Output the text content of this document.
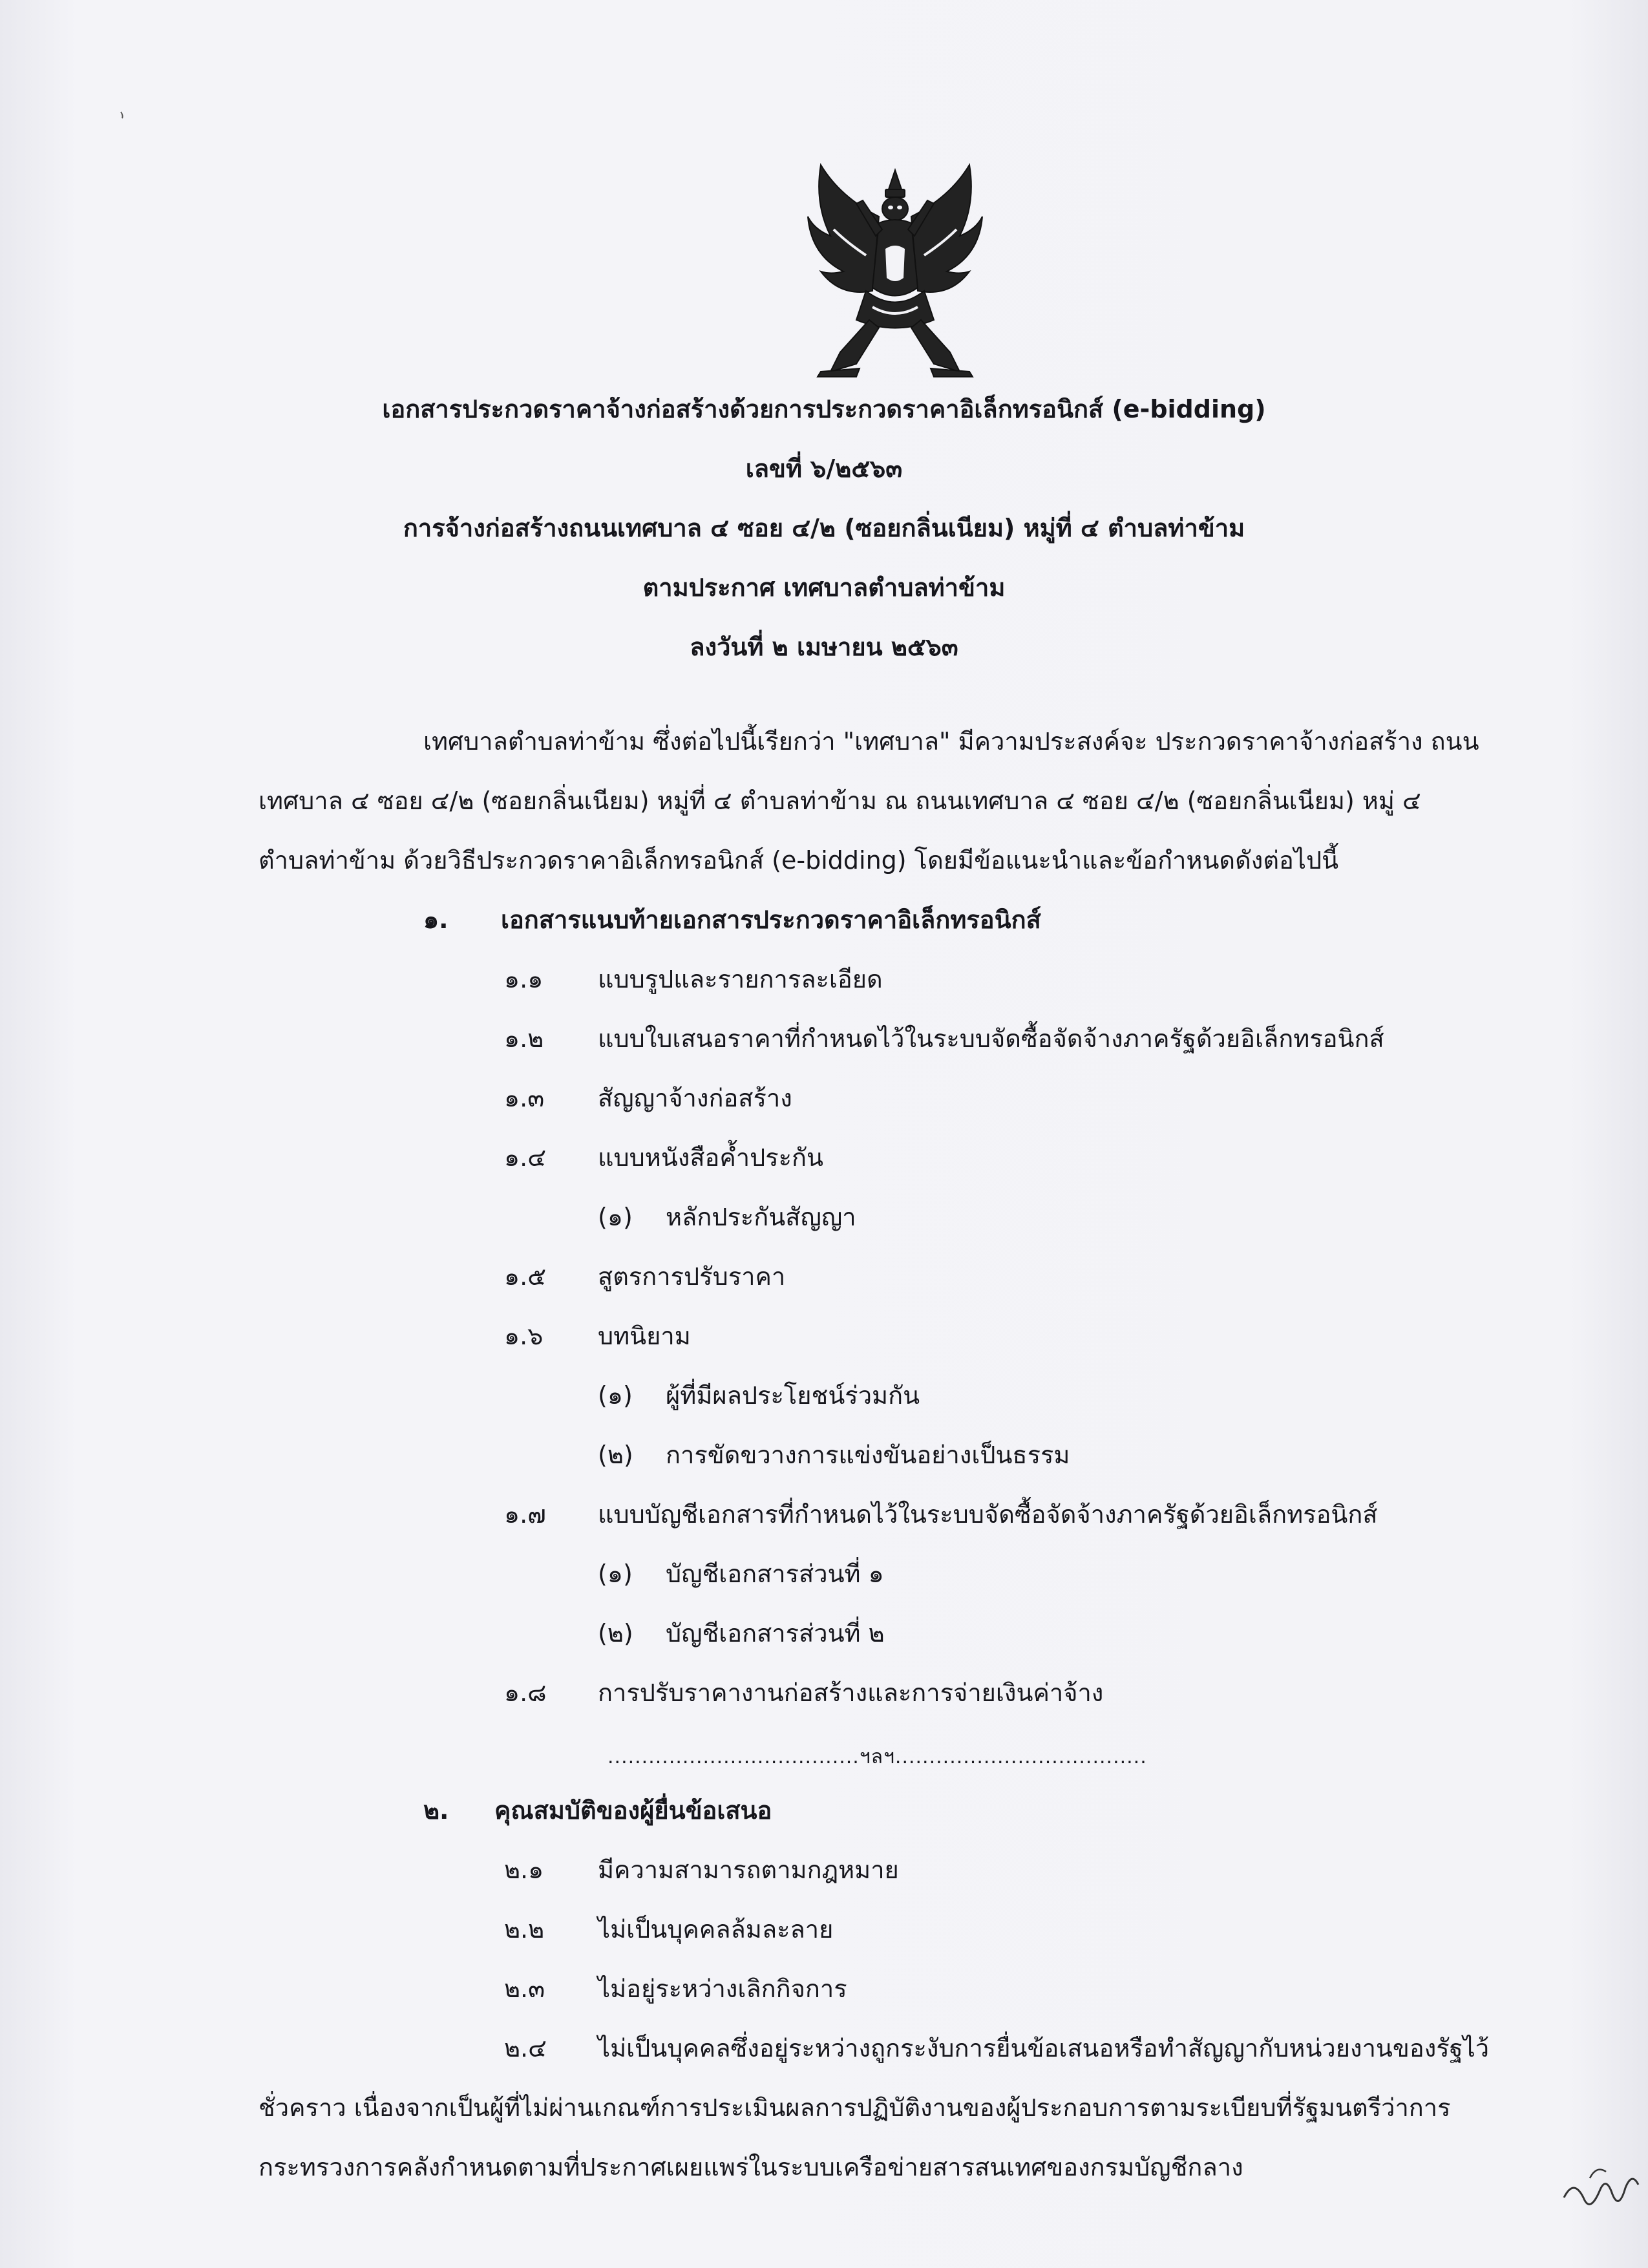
เอกสารประกวดราคาจ้างก่อสร้างด้วยการประกวดราคาอิเล็กทรอนิกส์ (e-bidding)
เลขที่ ๖/๒๕๖๓
การจ้างก่อสร้างถนนเทศบาล ๔ ซอย ๔/๒ (ซอยกลิ่นเนียม) หมู่ที่ ๔ ตำบลท่าข้าม
ตามประกาศ เทศบาลตำบลท่าข้าม
ลงวันที่ ๒ เมษายน ๒๕๖๓
เทศบาลตำบลท่าข้าม ซึ่งต่อไปนี้เรียกว่า "เทศบาล" มีความประสงค์จะ ประกวดราคาจ้างก่อสร้าง ถนน
เทศบาล ๔ ซอย ๔/๒ (ซอยกลิ่นเนียม) หมู่ที่ ๔ ตำบลท่าข้าม ณ ถนนเทศบาล ๔ ซอย ๔/๒ (ซอยกลิ่นเนียม) หมู่ ๔
ตำบลท่าข้าม ด้วยวิธีประกวดราคาอิเล็กทรอนิกส์ (e-bidding) โดยมีข้อแนะนำและข้อกำหนดดังต่อไปนี้
๑. เอกสารแนบท้ายเอกสารประกวดราคาอิเล็กทรอนิกส์
๑.๑ แบบรูปและรายการละเอียด
๑.๒ แบบใบเสนอราคาที่กำหนดไว้ในระบบจัดซื้อจัดจ้างภาครัฐด้วยอิเล็กทรอนิกส์
๑.๓ สัญญาจ้างก่อสร้าง
๑.๔ แบบหนังสือค้ำประกัน
(๑) หลักประกันสัญญา
๑.๕ สูตรการปรับราคา
๑.๖ บทนิยาม
(๑) ผู้ที่มีผลประโยชน์ร่วมกัน
(๒) การขัดขวางการแข่งขันอย่างเป็นธรรม
๑.๗ แบบบัญชีเอกสารที่กำหนดไว้ในระบบจัดซื้อจัดจ้างภาครัฐด้วยอิเล็กทรอนิกส์
(๑) บัญชีเอกสารส่วนที่ ๑
(๒) บัญชีเอกสารส่วนที่ ๒
๑.๘ การปรับราคางานก่อสร้างและการจ่ายเงินค่าจ้าง
.....................................ฯลฯ.....................................
๒. คุณสมบัติของผู้ยื่นข้อเสนอ
๒.๑ มีความสามารถตามกฎหมาย
๒.๒ ไม่เป็นบุคคลล้มละลาย
๒.๓ ไม่อยู่ระหว่างเลิกกิจการ
๒.๔ ไม่เป็นบุคคลซึ่งอยู่ระหว่างถูกระงับการยื่นข้อเสนอหรือทำสัญญากับหน่วยงานของรัฐไว้
ชั่วคราว เนื่องจากเป็นผู้ที่ไม่ผ่านเกณฑ์การประเมินผลการปฏิบัติงานของผู้ประกอบการตามระเบียบที่รัฐมนตรีว่าการ
กระทรวงการคลังกำหนดตามที่ประกาศเผยแพร่ในระบบเครือข่ายสารสนเทศของกรมบัญชีกลาง
